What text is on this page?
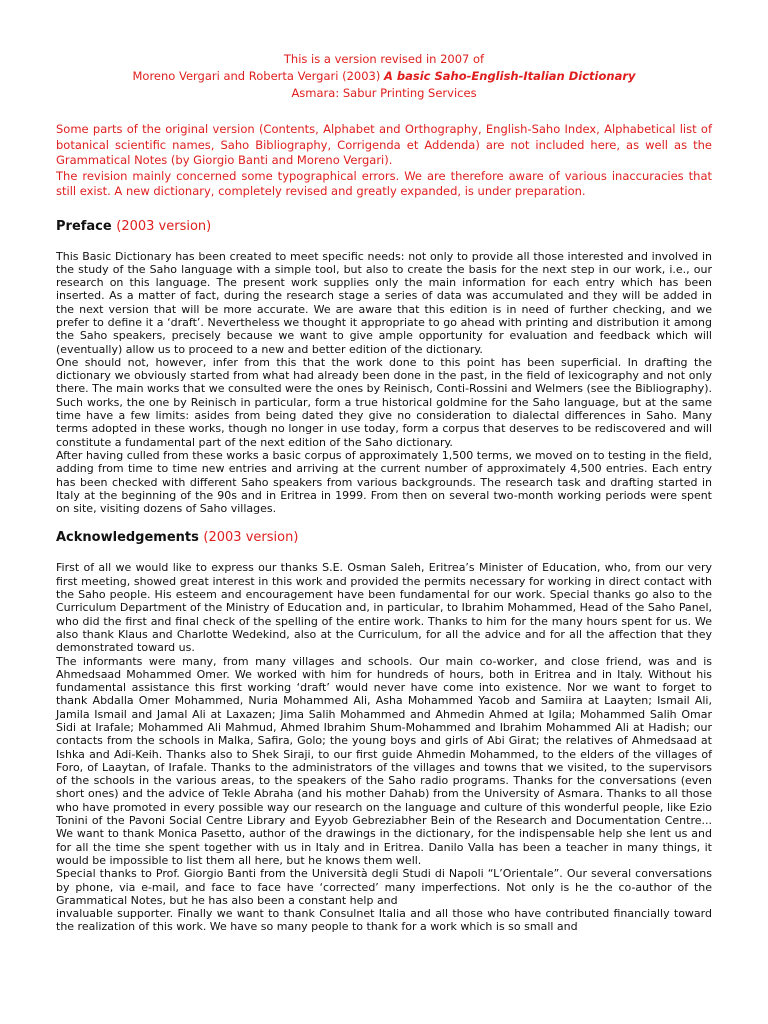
This is a version revised in 2007 of
Moreno Vergari and Roberta Vergari (2003) A basic Saho-English-Italian Dictionary
Asmara: Sabur Printing Services

Some parts of the original version (Contents, Alphabet and Orthography, English-Saho Index, Alphabetical list of botanical scientific names, Saho Bibliography, Corrigenda et Addenda) are not included here, as well as the Grammatical Notes (by Giorgio Banti and Moreno Vergari).

The revision mainly concerned some typographical errors. We are therefore aware of various inaccuracies that still exist. A new dictionary, completely revised and greatly expanded, is under preparation.

Preface (2003 version)

This Basic Dictionary has been created to meet specific needs: not only to provide all those interested and involved in the study of the Saho language with a simple tool, but also to create the basis for the next step in our work, i.e., our research on this language. The present work supplies only the main information for each entry which has been inserted. As a matter of fact, during the research stage a series of data was accumulated and they will be added in the next version that will be more accurate. We are aware that this edition is in need of further checking, and we prefer to define it a ‘draft’. Nevertheless we thought it appropriate to go ahead with printing and distribution it among the Saho speakers, precisely because we want to give ample opportunity for evaluation and feedback which will (eventually) allow us to proceed to a new and better edition of the dictionary.

One should not, however, infer from this that the work done to this point has been superficial. In drafting the dictionary we obviously started from what had already been done in the past, in the field of lexicography and not only there. The main works that we consulted were the ones by Reinisch, Conti-Rossini and Welmers (see the Bibliography). Such works, the one by Reinisch in particular, form a true historical goldmine for the Saho language, but at the same time have a few limits: asides from being dated they give no consideration to dialectal differences in Saho. Many terms adopted in these works, though no longer in use today, form a corpus that deserves to be rediscovered and will constitute a fundamental part of the next edition of the Saho dictionary.

After having culled from these works a basic corpus of approximately 1,500 terms, we moved on to testing in the field, adding from time to time new entries and arriving at the current number of approximately 4,500 entries. Each entry has been checked with different Saho speakers from various backgrounds. The research task and drafting started in Italy at the beginning of the 90s and in Eritrea in 1999. From then on several two-month working periods were spent on site, visiting dozens of Saho villages.

Acknowledgements (2003 version)

First of all we would like to express our thanks S.E. Osman Saleh, Eritrea’s Minister of Education, who, from our very first meeting, showed great interest in this work and provided the permits necessary for working in direct contact with the Saho people. His esteem and encouragement have been fundamental for our work. Special thanks go also to the Curriculum Department of the Ministry of Education and, in particular, to Ibrahim Mohammed, Head of the Saho Panel, who did the first and final check of the spelling of the entire work. Thanks to him for the many hours spent for us. We also thank Klaus and Charlotte Wedekind, also at the Curriculum, for all the advice and for all the affection that they demonstrated toward us.

The informants were many, from many villages and schools. Our main co-worker, and close friend, was and is Ahmedsaad Mohammed Omer. We worked with him for hundreds of hours, both in Eritrea and in Italy. Without his fundamental assistance this first working ‘draft’ would never have come into existence. Nor we want to forget to thank Abdalla Omer Mohammed, Nuria Mohammed Ali, Asha Mohammed Yacob and Samiira at Laayten; Ismail Ali, Jamila Ismail and Jamal Ali at Laxazen; Jima Salih Mohammed and Ahmedin Ahmed at Igila; Mohammed Salih Omar Sidi at Irafale; Mohammed Ali Mahmud, Ahmed Ibrahim Shum-Mohammed and Ibrahim Mohammed Ali at Hadish; our contacts from the schools in Malka, Safira, Golo; the young boys and girls of Abi Girat; the relatives of Ahmedsaad at Ishka and Adi-Keih. Thanks also to Shek Siraji, to our first guide Ahmedin Mohammed, to the elders of the villages of Foro, of Laaytan, of Irafale. Thanks to the administrators of the villages and towns that we visited, to the supervisors of the schools in the various areas, to the speakers of the Saho radio programs. Thanks for the conversations (even short ones) and the advice of Tekle Abraha (and his mother Dahab) from the University of Asmara. Thanks to all those who have promoted in every possible way our research on the language and culture of this wonderful people, like Ezio Tonini of the Pavoni Social Centre Library and Eyyob Gebreziabher Bein of the Research and Documentation Centre... We want to thank Monica Pasetto, author of the drawings in the dictionary, for the indispensable help she lent us and for all the time she spent together with us in Italy and in Eritrea. Danilo Valla has been a teacher in many things, it would be impossible to list them all here, but he knows them well.

Special thanks to Prof. Giorgio Banti from the Università degli Studi di Napoli “L’Orientale”. Our several conversations by phone, via e-mail, and face to face have ‘corrected’ many imperfections. Not only is he the co-author of the Grammatical Notes, but he has also been a constant help and

invaluable supporter. Finally we want to thank Consulnet Italia and all those who have contributed financially toward the realization of this work. We have so many people to thank for a work which is so small and
